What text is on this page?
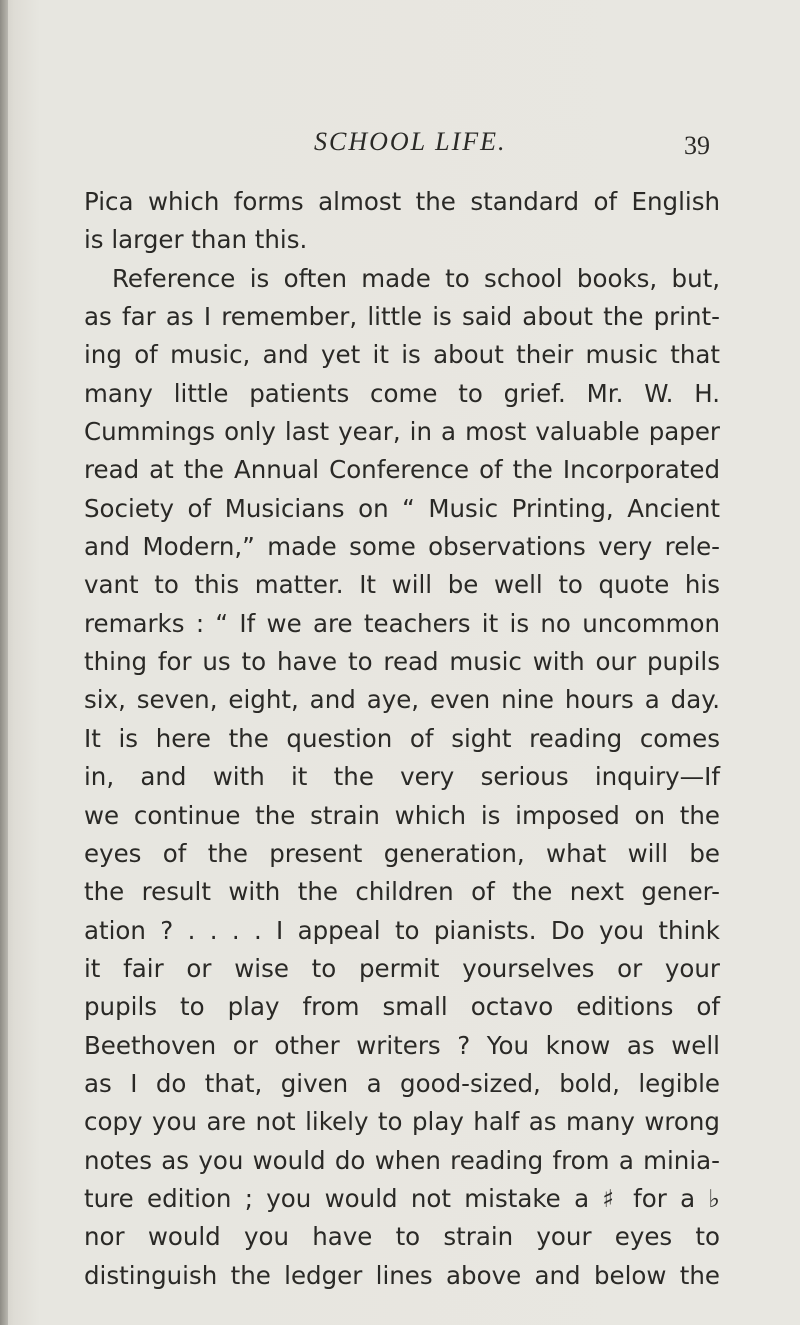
SCHOOL LIFE.	39
Pica which forms almost the standard of English
is larger than this.
Reference is often made to school books, but,
as far as I remember, little is said about the print-
ing of music, and yet it is about their music that
many little patients come to grief. Mr. W. H.
Cummings only last year, in a most valuable paper
read at the Annual Conference of the Incorporated
Society of Musicians on “ Music Printing, Ancient
and Modern,” made some observations very rele-
vant to this matter. It will be well to quote his
remarks : “ If we are teachers it is no uncommon
thing for us to have to read music with our pupils
six, seven, eight, and aye, even nine hours a day.
It is here the question of sight reading comes
in, and with it the very serious inquiry—If
we continue the strain which is imposed on the
eyes of the present generation, what will be
the result with the children of the next gener-
ation ? . . . . I appeal to pianists. Do you think
it fair or wise to permit yourselves or your
pupils to play from small octavo editions of
Beethoven or other writers ? You know as well
as I do that, given a good-sized, bold, legible
copy you are not likely to play half as many wrong
notes as you would do when reading from a minia-
ture edition ; you would not mistake a ♯ for a ♭
nor would you have to strain your eyes to
distinguish the ledger lines above and below the
